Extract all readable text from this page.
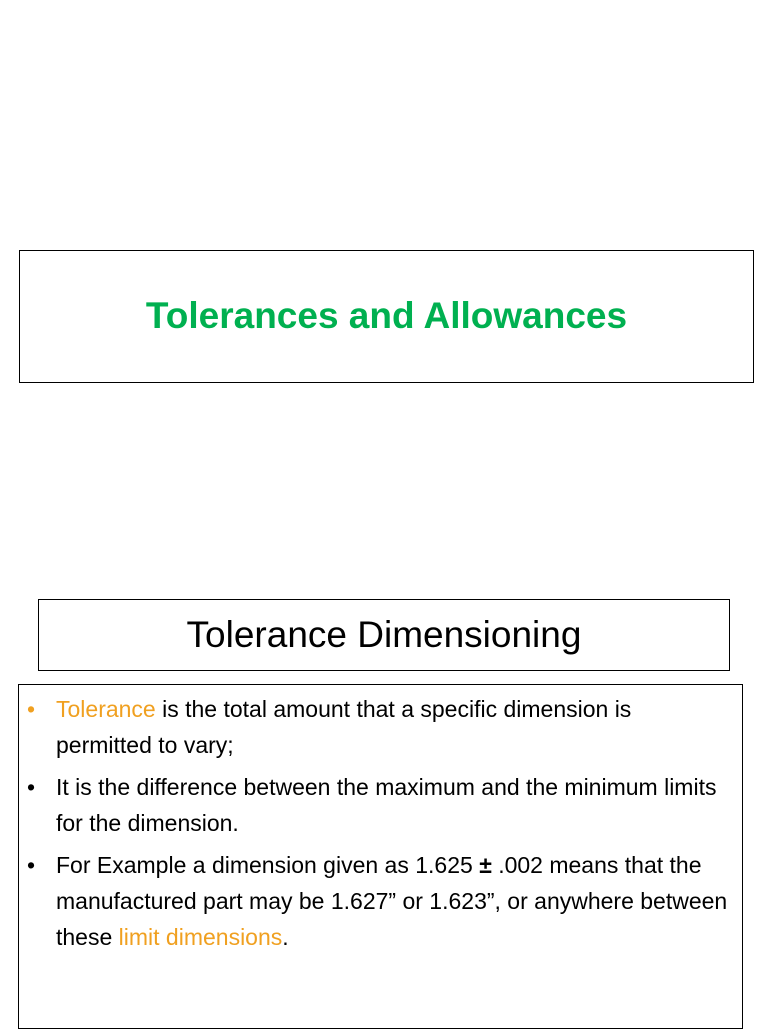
Tolerances and Allowances
Tolerance Dimensioning
• Tolerance is the total amount that a specific dimension is permitted to vary;
• It is the difference between the maximum and the minimum limits for the dimension.
• For Example a dimension given as 1.625 ± .002 means that the manufactured part may be 1.627” or 1.623”, or anywhere between these limit dimensions.
